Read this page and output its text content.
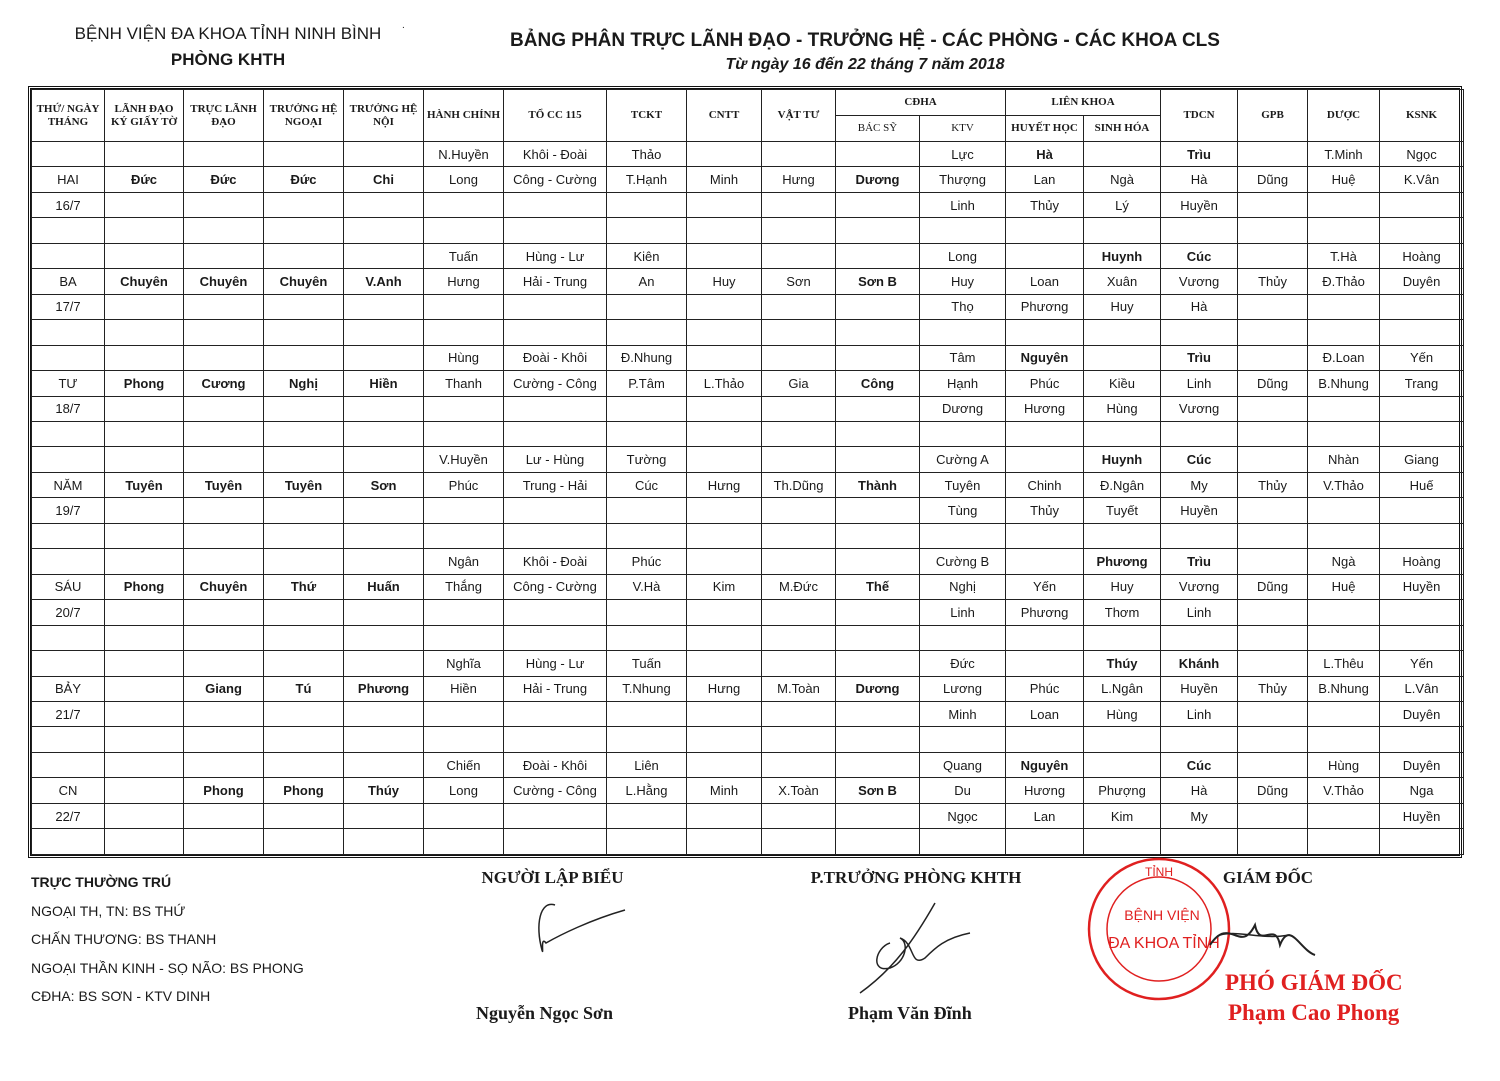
BỆNH VIỆN ĐA KHOA TỈNH NINH BÌNH
PHÒNG KHTH
.
BẢNG PHÂN TRỰC LÃNH ĐẠO - TRƯỞNG HỆ - CÁC PHÒNG - CÁC KHOA CLS
Từ ngày 16 đến 22 tháng 7 năm 2018
THỨ/ NGÀY THÁNG	LÃNH ĐẠO KÝ GIẤY TỜ	TRỰC LÃNH ĐẠO	TRƯỞNG HỆ NGOẠI	TRƯỞNG HỆ NỘI	HÀNH CHÍNH	TỔ CC 115	TCKT	CNTT	VẬT TƯ	CĐHA		LIÊN KHOA		TDCN	GPB	DƯỢC	KSNK
										BÁC SỸ	KTV	HUYẾT HỌC	SINH HÓA				
					N.Huyền	Khôi - Đoài	Thảo				Lực	Hà		Trìu		T.Minh	Ngọc
HAI	Đức	Đức	Đức	Chi	Long	Công - Cường	T.Hạnh	Minh	Hưng	Dương	Thượng	Lan	Ngà	Hà	Dũng	Huệ	K.Vân
16/7											Linh	Thủy	Lý	Huyền			

					Tuấn	Hùng - Lư	Kiên				Long		Huynh	Cúc		T.Hà	Hoàng
BA	Chuyên	Chuyên	Chuyên	V.Anh	Hưng	Hải - Trung	An	Huy	Sơn	Sơn B	Huy	Loan	Xuân	Vương	Thủy	Đ.Thảo	Duyên
17/7											Thọ	Phương	Huy	Hà			

					Hùng	Đoài - Khôi	Đ.Nhung				Tâm	Nguyên		Trìu		Đ.Loan	Yến
TƯ	Phong	Cương	Nghị	Hiền	Thanh	Cường - Công	P.Tâm	L.Thảo	Gia	Công	Hạnh	Phúc	Kiều	Linh	Dũng	B.Nhung	Trang
18/7											Dương	Hương	Hùng	Vương			

					V.Huyền	Lư - Hùng	Tường				Cường A		Huynh	Cúc		Nhàn	Giang
NĂM	Tuyên	Tuyên	Tuyên	Sơn	Phúc	Trung - Hải	Cúc	Hưng	Th.Dũng	Thành	Tuyên	Chinh	Đ.Ngân	My	Thủy	V.Thảo	Huế
19/7											Tùng	Thủy	Tuyết	Huyền			

					Ngân	Khôi - Đoài	Phúc				Cường B		Phương	Trìu		Ngà	Hoàng
SÁU	Phong	Chuyên	Thứ	Huấn	Thắng	Công - Cường	V.Hà	Kim	M.Đức	Thế	Nghị	Yến	Huy	Vương	Dũng	Huệ	Huyền
20/7											Linh	Phương	Thơm	Linh			

					Nghĩa	Hùng - Lư	Tuấn				Đức		Thúy	Khánh		L.Thêu	Yến
BẢY		Giang	Tú	Phương	Hiền	Hải - Trung	T.Nhung	Hưng	M.Toàn	Dương	Lương	Phúc	L.Ngân	Huyền	Thủy	B.Nhung	L.Vân
21/7											Minh	Loan	Hùng	Linh			Duyên

					Chiến	Đoài - Khôi	Liên				Quang	Nguyên		Cúc		Hùng	Duyên
CN		Phong	Phong	Thúy	Long	Cường - Công	L.Hằng	Minh	X.Toàn	Sơn B	Du	Hương	Phượng	Hà	Dũng	V.Thảo	Nga
22/7											Ngọc	Lan	Kim	My			Huyền

TRỰC THƯỜNG TRÚ
NGOẠI TH, TN: BS THỨ
CHẤN THƯƠNG: BS THANH
NGOẠI THẦN KINH - SỌ NÃO: BS PHONG
CĐHA: BS SƠN - KTV DINH
NGƯỜI LẬP BIỂU
Nguyễn Ngọc Sơn
P.TRƯỞNG PHÒNG KHTH
Phạm Văn Đĩnh
TỈNH
BỆNH VIỆN
ĐA KHOA TỈNH
GIÁM ĐỐC
PHÓ GIÁM ĐỐC
Phạm Cao Phong
